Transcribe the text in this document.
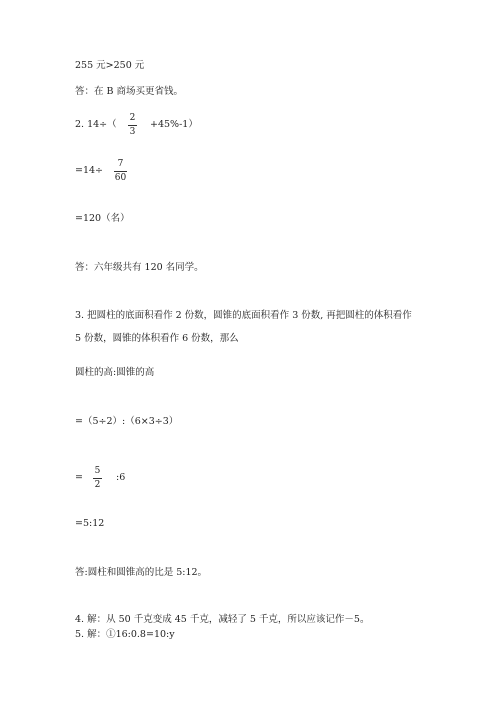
255 元>250 元
答：在 B 商场买更省钱。
2. 14÷（
2
3
+45%-1）
=14÷
7
60
=120（名）
答：六年级共有 120 名同学。
3. 把圆柱的底面积看作 2 份数，圆锥的底面积看作 3 份数, 再把圆柱的体积看作
5 份数，圆锥的体积看作 6 份数，那么
圆柱的高:圆锥的高
=（5÷2）:（6×3÷3）
=
5
2
:6
=5:12
答:圆柱和圆锥高的比是 5:12。
4. 解：从 50 千克变成 45 千克，减轻了 5 千克，所以应该记作－5。
5. 解：①16:0.8=10:y
